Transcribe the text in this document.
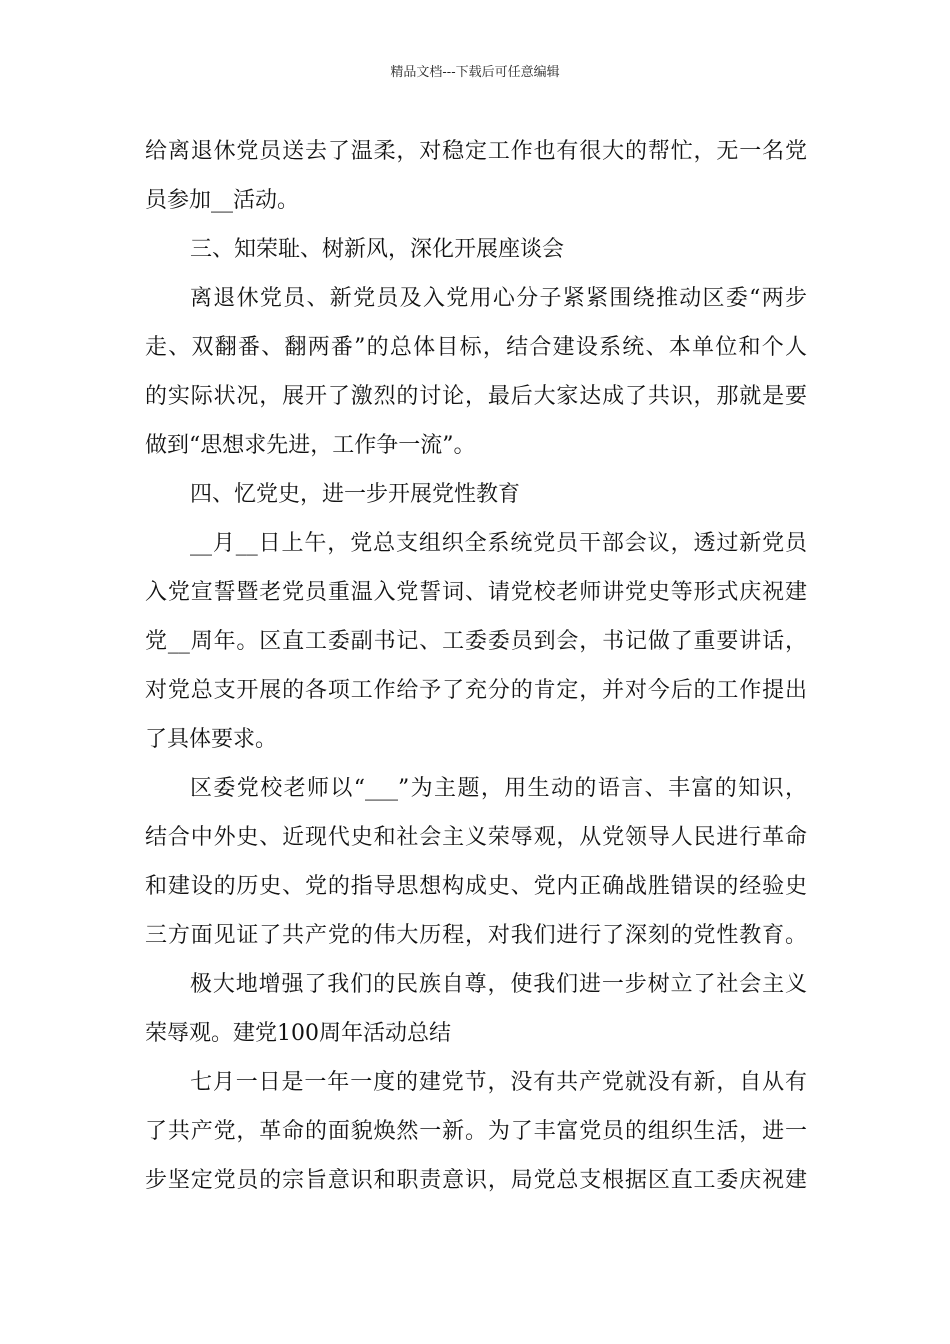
精品文档---下载后可任意编辑
给离退休党员送去了温柔，对稳定工作也有很大的帮忙，无一名党
员参加__活动。
三、知荣耻、树新风，深化开展座谈会
离退休党员、新党员及入党用心分子紧紧围绕推动区委“两步
走、双翻番、翻两番”的总体目标，结合建设系统、本单位和个人
的实际状况，展开了激烈的讨论，最后大家达成了共识，那就是要
做到“思想求先进，工作争一流”。
四、忆党史，进一步开展党性教育
__月__日上午，党总支组织全系统党员干部会议，透过新党员
入党宣誓暨老党员重温入党誓词、请党校老师讲党史等形式庆祝建
党__周年。区直工委副书记、工委委员到会，书记做了重要讲话，
对党总支开展的各项工作给予了充分的肯定，并对今后的工作提出
了具体要求。
区委党校老师以“___”为主题，用生动的语言、丰富的知识，
结合中外史、近现代史和社会主义荣辱观，从党领导人民进行革命
和建设的历史、党的指导思想构成史、党内正确战胜错误的经验史
三方面见证了共产党的伟大历程，对我们进行了深刻的党性教育。
极大地增强了我们的民族自尊，使我们进一步树立了社会主义
荣辱观。建党100周年活动总结
七月一日是一年一度的建党节，没有共产党就没有新，自从有
了共产党，革命的面貌焕然一新。为了丰富党员的组织生活，进一
步坚定党员的宗旨意识和职责意识，局党总支根据区直工委庆祝建
